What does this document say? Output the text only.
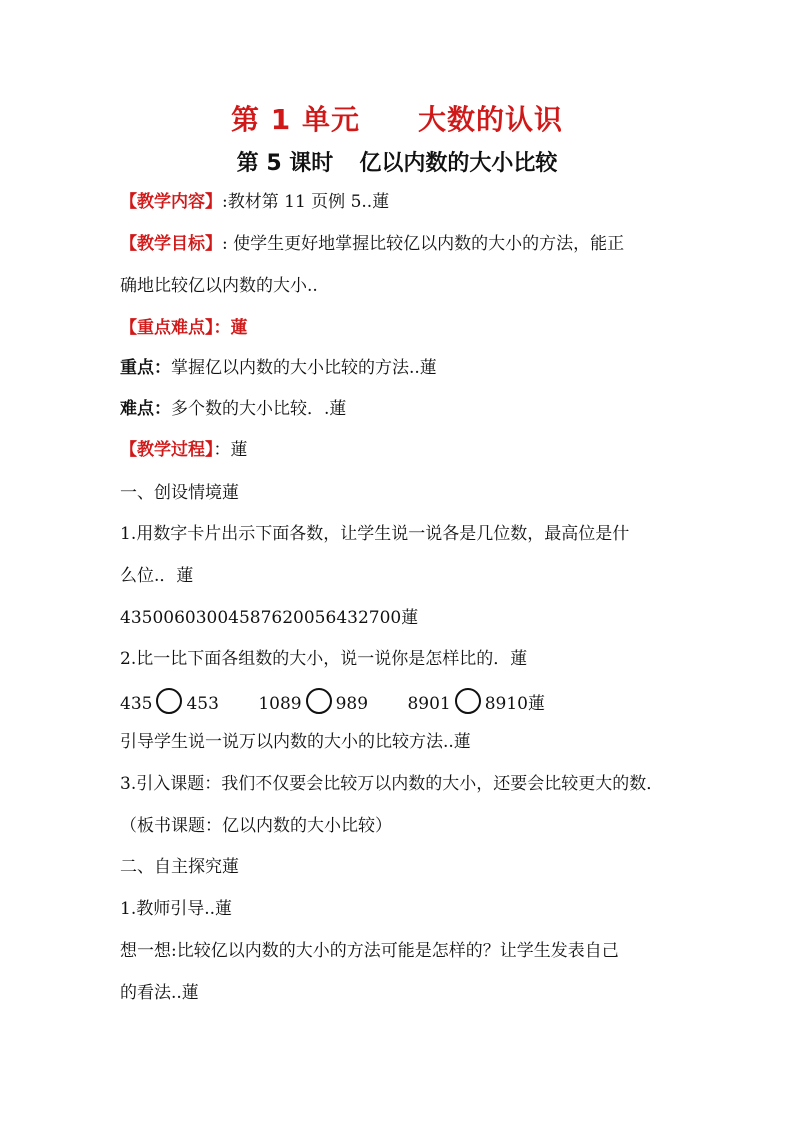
第 1 单元 大数的认识
第 5 课时 亿以内数的大小比较
【教学内容】:教材第 11 页例 5..蓮
【教学目标】: 使学生更好地掌握比较亿以内数的大小的方法，能正
确地比较亿以内数的大小..
【重点难点】：蓮
重点：掌握亿以内数的大小比较的方法..蓮
难点：多个数的大小比较．.蓮
【教学过程】：蓮
一、创设情境蓮
1.用数字卡片出示下面各数，让学生说一说各是几位数，最高位是什
么位.．蓮
43500603004587620056432700蓮
2.比一比下面各组数的大小，说一说你是怎样比的．蓮
435 453 1089 989 8901 8910蓮
引导学生说一说万以内数的大小的比较方法..蓮
3.引入课题：我们不仅要会比较万以内数的大小，还要会比较更大的数．
（板书课题：亿以内数的大小比较）
二、自主探究蓮
1.教师引导..蓮
想一想:比较亿以内数的大小的方法可能是怎样的？让学生发表自己
的看法..蓮
